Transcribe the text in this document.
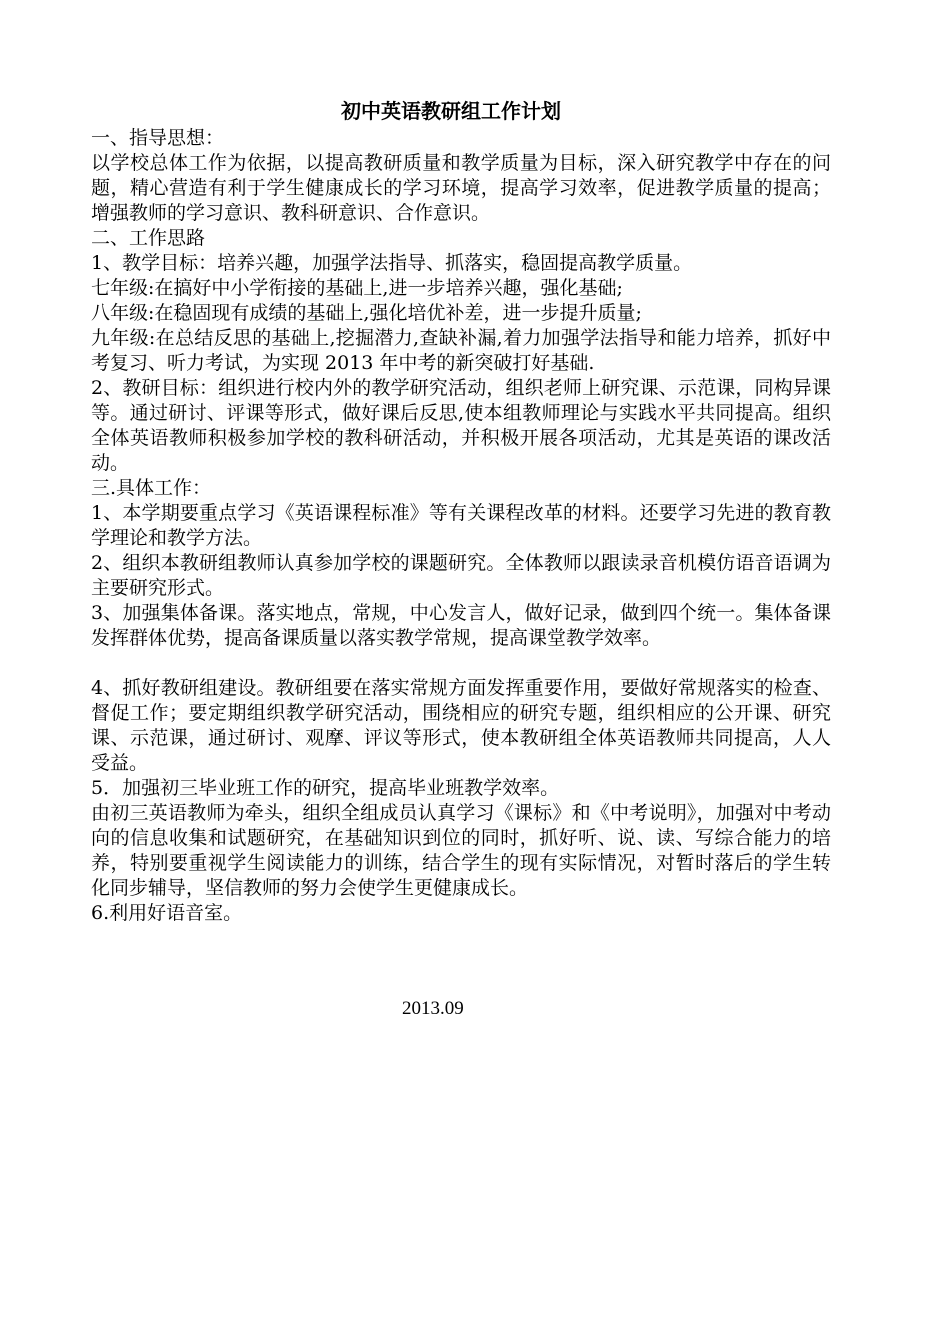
初中英语教研组工作计划

一、指导思想：

以学校总体工作为依据，以提高教研质量和教学质量为目标，深入研究教学中存在的问题，精心营造有利于学生健康成长的学习环境，提高学习效率，促进教学质量的提高；增强教师的学习意识、教科研意识、合作意识。

二、工作思路

1、教学目标：培养兴趣，加强学法指导、抓落实，稳固提高教学质量。

七年级:在搞好中小学衔接的基础上,进一步培养兴趣，强化基础;

八年级:在稳固现有成绩的基础上,强化培优补差，进一步提升质量;

九年级:在总结反思的基础上,挖掘潜力,查缺补漏,着力加强学法指导和能力培养，抓好中考复习、听力考试，为实现 2013 年中考的新突破打好基础.

2、教研目标：组织进行校内外的教学研究活动，组织老师上研究课、示范课，同构异课等。通过研讨、评课等形式，做好课后反思,使本组教师理论与实践水平共同提高。组织全体英语教师积极参加学校的教科研活动，并积极开展各项活动，尤其是英语的课改活动。

三.具体工作：

1、本学期要重点学习《英语课程标准》等有关课程改革的材料。还要学习先进的教育教学理论和教学方法。

2、组织本教研组教师认真参加学校的课题研究。全体教师以跟读录音机模仿语音语调为主要研究形式。

3、加强集体备课。落实地点，常规，中心发言人，做好记录，做到四个统一。集体备课发挥群体优势，提高备课质量以落实教学常规，提高课堂教学效率。

4、抓好教研组建设。教研组要在落实常规方面发挥重要作用，要做好常规落实的检查、督促工作；要定期组织教学研究活动，围绕相应的研究专题，组织相应的公开课、研究课、示范课，通过研讨、观摩、评议等形式，使本教研组全体英语教师共同提高，人人受益。

5．加强初三毕业班工作的研究，提高毕业班教学效率。

由初三英语教师为牵头，组织全组成员认真学习《课标》和《中考说明》，加强对中考动向的信息收集和试题研究，在基础知识到位的同时，抓好听、说、读、写综合能力的培养，特别要重视学生阅读能力的训练，结合学生的现有实际情况，对暂时落后的学生转化同步辅导，坚信教师的努力会使学生更健康成长。

6.利用好语音室。

2013.09
